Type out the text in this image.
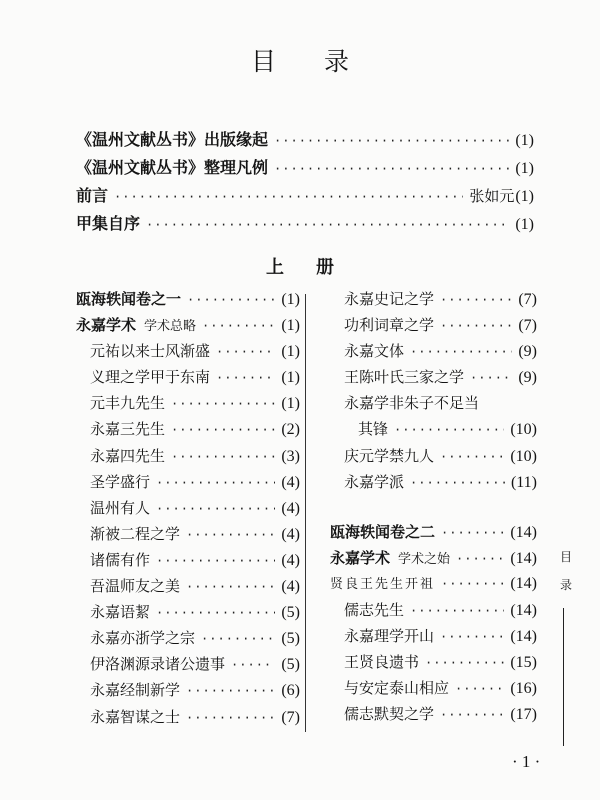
目 录
《温州文献丛书》出版缘起 ·····	(1)
《温州文献丛书》整理凡例 ·····	(1)
前言 ·····	张如元 (1)
甲集自序 ·····	(1)
上 册
瓯海轶闻卷之一 ·····	(1)
永嘉学术 学术总略 ·····	(1)
元祐以来士风渐盛 ·····	(1)
义理之学甲于东南 ·····	(1)
元丰九先生 ·····	(1)
永嘉三先生 ·····	(2)
永嘉四先生 ·····	(3)
圣学盛行 ·····	(4)
温州有人 ·····	(4)
渐被二程之学 ·····	(4)
诸儒有作 ·····	(4)
吾温师友之美 ·····	(4)
永嘉语絜 ·····	(5)
永嘉亦浙学之宗 ·····	(5)
伊洛渊源录诸公遗事 ·····	(5)
永嘉经制新学 ·····	(6)
永嘉智谋之士 ·····	(7)
永嘉史记之学 ·····	(7)
功利词章之学 ·····	(7)
永嘉文体 ·····	(9)
王陈叶氏三家之学 ·····	(9)
永嘉学非朱子不足当
其锋 ·····	(10)
庆元学禁九人 ·····	(10)
永嘉学派 ·····	(11)
瓯海轶闻卷之二 ·····	(14)
永嘉学术 学术之始 ·····	(14)
贤良王先生开祖 ·····	(14)
儒志先生 ·····	(14)
永嘉理学开山 ·····	(14)
王贤良遗书 ·····	(15)
与安定泰山相应 ·····	(16)
儒志默契之学 ·····	(17)
目
录
· 1 ·
